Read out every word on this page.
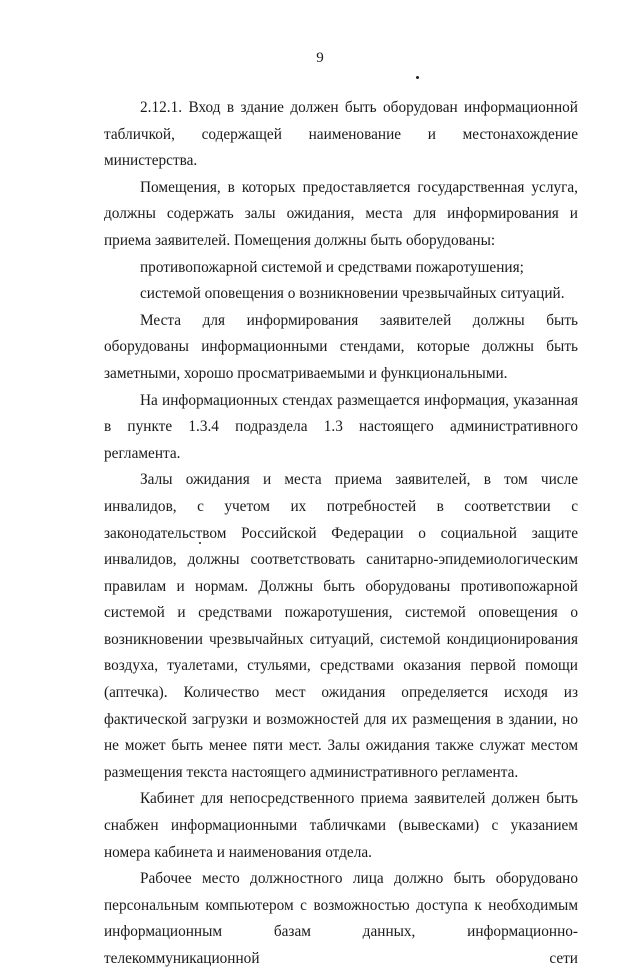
9

2.12.1. Вход в здание должен быть оборудован информационной табличкой, содержащей наименование и местонахождение министерства.

Помещения, в которых предоставляется государственная услуга, должны содержать залы ожидания, места для информирования и приема заявителей. Помещения должны быть оборудованы:

противопожарной системой и средствами пожаротушения;

системой оповещения о возникновении чрезвычайных ситуаций.

Места для информирования заявителей должны быть оборудованы информационными стендами, которые должны быть заметными, хорошо просматриваемыми и функциональными.

На информационных стендах размещается информация, указанная в пункте 1.3.4 подраздела 1.3 настоящего административного регламента.

Залы ожидания и места приема заявителей, в том числе инвалидов, с учетом их потребностей в соответствии с законодательством Российской Федерации о социальной защите инвалидов, должны соответствовать санитарно-эпидемиологическим правилам и нормам. Должны быть оборудованы противопожарной системой и средствами пожаротушения, системой оповещения о возникновении чрезвычайных ситуаций, системой кондиционирования воздуха, туалетами, стульями, средствами оказания первой помощи (аптечка). Количество мест ожидания определяется исходя из фактической загрузки и возможностей для их размещения в здании, но не может быть менее пяти мест. Залы ожидания также служат местом размещения текста настоящего административного регламента.

Кабинет для непосредственного приема заявителей должен быть снабжен информационными табличками (вывесками) с указанием номера кабинета и наименования отдела.

Рабочее место должностного лица должно быть оборудовано персональным компьютером с возможностью доступа к необходимым информационным базам данных, информационно-телекоммуникационной сети
